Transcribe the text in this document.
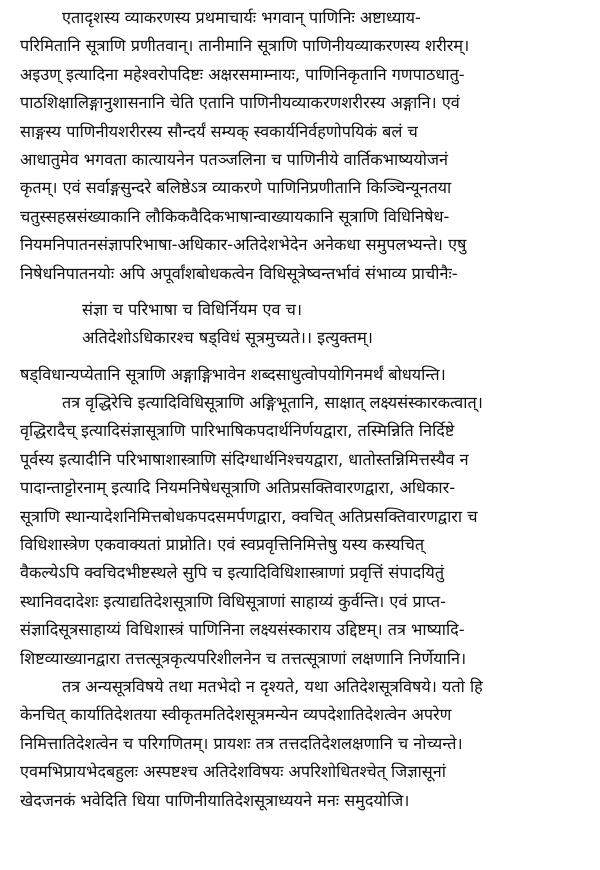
एतादृशस्य व्याकरणस्य प्रथमाचार्यः भगवान् पाणिनिः अष्टाध्याय-
परिमितानि सूत्राणि प्रणीतवान्। तानीमानि सूत्राणि पाणिनीयव्याकरणस्य शरीरम्।
अइउण् इत्यादिना महेश्वरोपदिष्टः अक्षरसमाम्नायः, पाणिनिकृतानि गणपाठधातु-
पाठशिक्षालिङ्गानुशासनानि चेति एतानि पाणिनीयव्याकरणशरीरस्य अङ्गानि। एवं
साङ्गस्य पाणिनीयशरीरस्य सौन्दर्यं सम्यक् स्वकार्यनिर्वहणोपयिकं बलं च
आधातुमेव भगवता कात्यायनेन पतञ्जलिना च पाणिनीये वार्तिकभाष्ययोजनं
कृतम्। एवं सर्वाङ्गसुन्दरे बलिष्ठेऽत्र व्याकरणे पाणिनिप्रणीतानि किञ्चिन्यूनतया
चतुस्सहस्रसंख्याकानि लौकिकवैदिकभाषान्वाख्यायकानि सूत्राणि विधिनिषेध-
नियमनिपातनसंज्ञापरिभाषा-अधिकार-अतिदेशभेदेन अनेकधा समुपलभ्यन्ते। एषु
निषेधनिपातनयोः अपि अपूर्वांशबोधकत्वेन विधिसूत्रेष्वन्तर्भावं संभाव्य प्राचीनैः-
संज्ञा च परिभाषा च विधिर्नियम एव च।
अतिदेशोऽधिकारश्च षड्विधं सूत्रमुच्यते।। इत्युक्तम्।
षड्विधान्यप्येतानि सूत्राणि अङ्गाङ्गिभावेन शब्दसाधुत्वोपयोगिनमर्थं बोधयन्ति।
तत्र वृद्धिरेचि इत्यादिविधिसूत्राणि अङ्गिभूतानि, साक्षात् लक्ष्यसंस्कारकत्वात्।
वृद्धिरादैच् इत्यादिसंज्ञासूत्राणि पारिभाषिकपदार्थनिर्णयद्वारा, तस्मिन्निति निर्दिष्टे
पूर्वस्य इत्यादीनि परिभाषाशास्त्राणि संदिग्धार्थनिश्चयद्वारा, धातोस्तन्निमित्तस्यैव न
पादान्ताट्टोरनाम् इत्यादि नियमनिषेधसूत्राणि अतिप्रसक्तिवारणद्वारा, अधिकार-
सूत्राणि स्थान्यादेशनिमित्तबोधकपदसमर्पणद्वारा, क्वचित् अतिप्रसक्तिवारणद्वारा च
विधिशास्त्रेण एकवाक्यतां प्राप्नोति। एवं स्वप्रवृत्तिनिमित्तेषु यस्य कस्यचित्
वैकल्येऽपि क्वचिदभीष्टस्थले सुपि च इत्यादिविधिशास्त्राणां प्रवृत्तिं संपादयितुं
स्थानिवदादेशः इत्याद्यतिदेशसूत्राणि विधिसूत्राणां साहाय्यं कुर्वन्ति। एवं प्राप्त-
संज्ञादिसूत्रसाहाय्यं विधिशास्त्रं पाणिनिना लक्ष्यसंस्काराय उद्दिष्टम्। तत्र भाष्यादि-
शिष्टव्याख्यानद्वारा तत्तत्सूत्रकृत्यपरिशीलनेन च तत्तत्सूत्राणां लक्षणानि निर्णेयानि।
तत्र अन्यसूत्रविषये तथा मतभेदो न दृश्यते, यथा अतिदेशसूत्रविषये। यतो हि
केनचित् कार्यातिदेशतया स्वीकृतमतिदेशसूत्रमन्येन व्यपदेशातिदेशत्वेन अपरेण
निमित्तातिदेशत्वेन च परिगणितम्। प्रायशः तत्र तत्तदतिदेशलक्षणानि च नोच्यन्ते।
एवमभिप्रायभेदबहुलः अस्पष्टश्च अतिदेशविषयः अपरिशोधितश्चेत् जिज्ञासूनां
खेदजनकं भवेदिति धिया पाणिनीयातिदेशसूत्राध्ययने मनः समुदयोजि।
